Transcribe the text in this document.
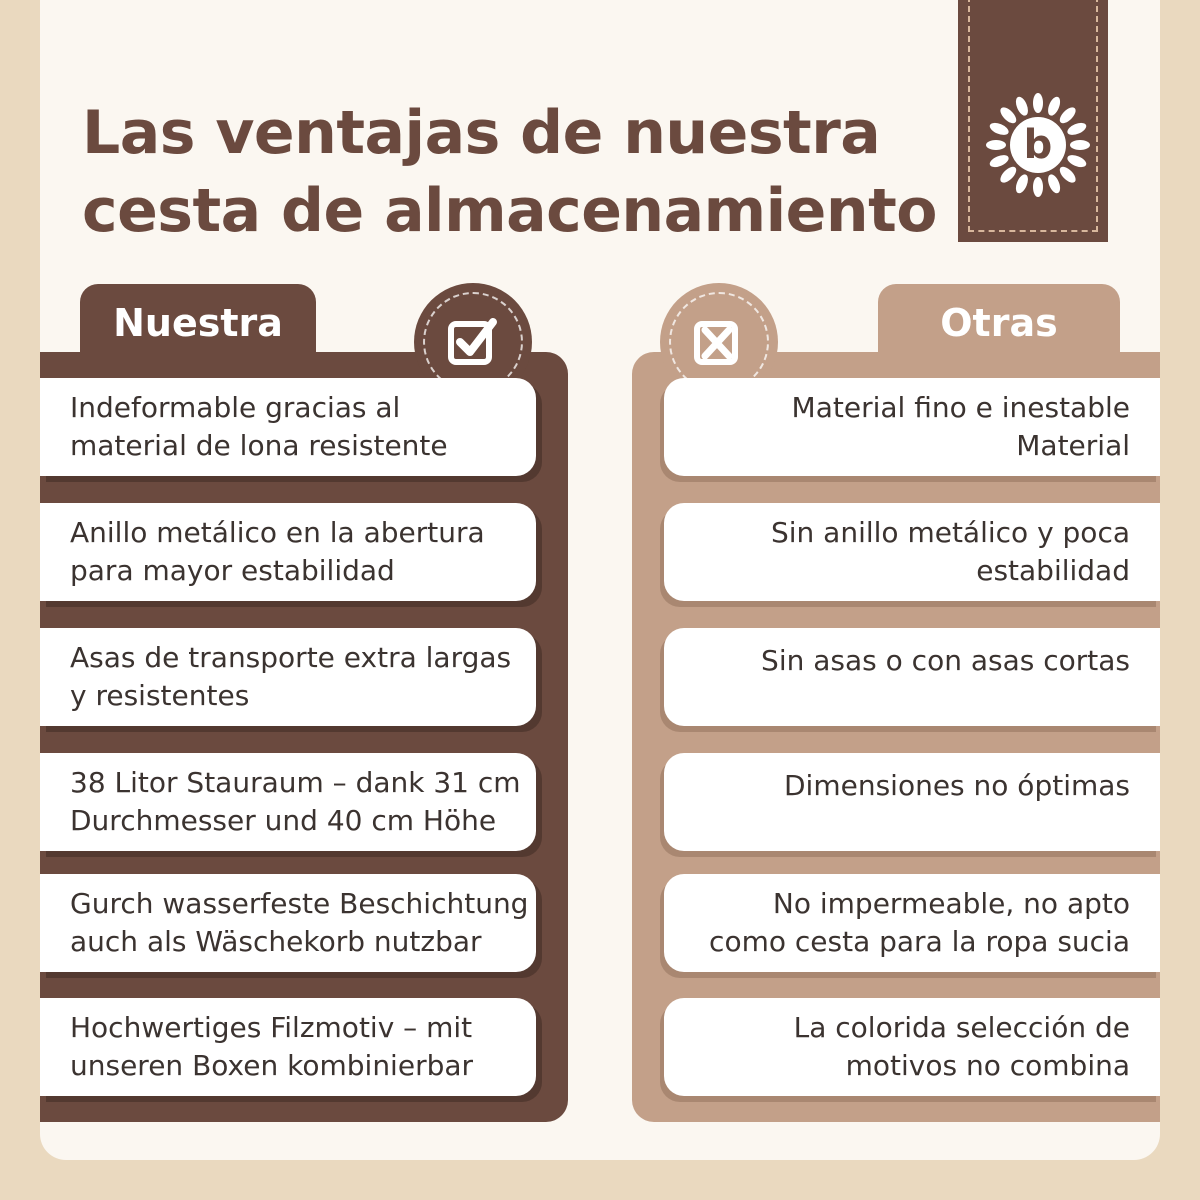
Las ventajas de nuestra
cesta de almacenamiento
b
Nuestra
Indeformable gracias al
material de lona resistente
Anillo metálico en la abertura
para mayor estabilidad
Asas de transporte extra largas
y resistentes
38 Litor Stauraum – dank 31 cm
Durchmesser und 40 cm Höhe
Gurch wasserfeste Beschichtung
auch als Wäschekorb nutzbar
Hochwertiges Filzmotiv – mit
unseren Boxen kombinierbar
Otras
Material fino e inestable
Material
Sin anillo metálico y poca
estabilidad
Sin asas o con asas cortas
Dimensiones no óptimas
No impermeable, no apto
como cesta para la ropa sucia
La colorida selección de
motivos no combina
